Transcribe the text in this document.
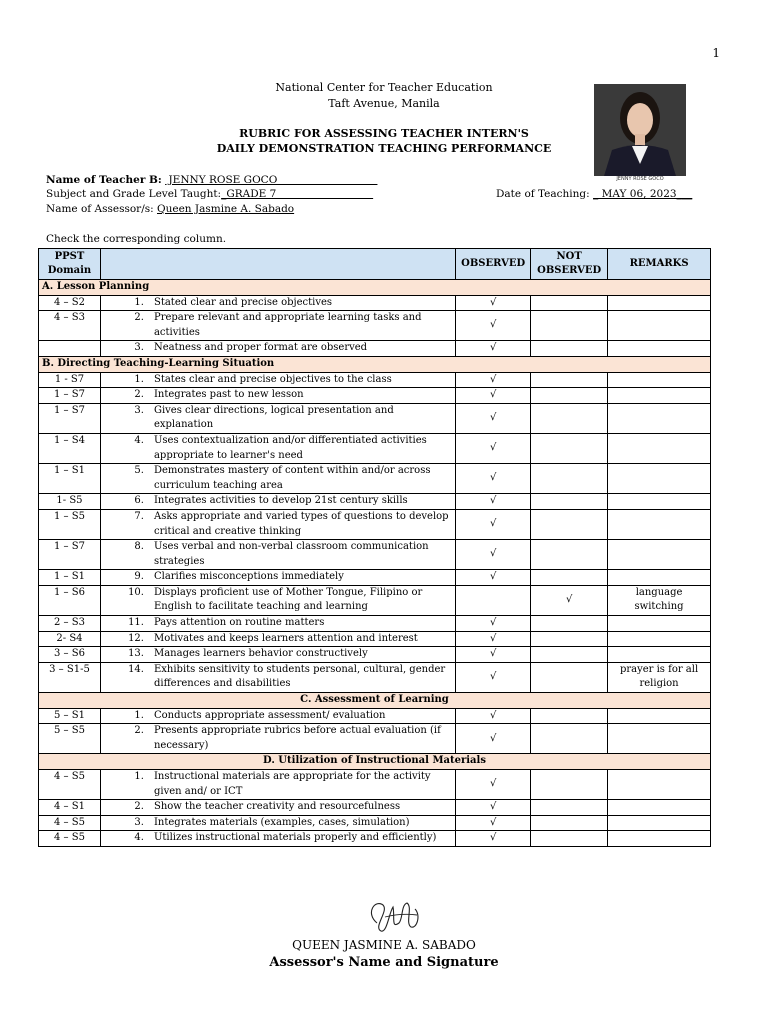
1
National Center for Teacher Education
Taft Avenue, Manila
RUBRIC FOR ASSESSING TEACHER INTERN'S
DAILY DEMONSTRATION TEACHING PERFORMANCE
JENNY ROSE GOCO
Name of Teacher B:  JENNY ROSE GOCO
Subject and Grade Level Taught:_GRADE 7	Date of Teaching: _ MAY 06, 2023___
Name of Assessor/s: Queen Jasmine A. Sabado
Check the corresponding column.
PPST Domain		OBSERVED	NOT OBSERVED	REMARKS
A. Lesson Planning				
4 – S2	1. Stated clear and precise objectives	√		
4 – S3	2. Prepare relevant and appropriate learning tasks and activities	√		

	3. Neatness and proper format are observed	√		
B. Directing Teaching-Learning Situation				
1 - S7	1. States clear and precise objectives to the class	√		
1 – S7	2. Integrates past to new lesson	√		
1 – S7	3. Gives clear directions, logical presentation and explanation	√		
1 – S4	4. Uses contextualization and/or differentiated activities appropriate to learner's need	√		
1 – S1	5. Demonstrates mastery of content within and/or across curriculum teaching area	√		
1- S5	6. Integrates activities to develop 21st century skills	√		
1 – S5	7. Asks appropriate and varied types of questions to develop critical and creative thinking	√		
1 – S7	8. Uses verbal and non-verbal classroom communication strategies	√		
1 – S1	9. Clarifies misconceptions immediately	√		
1 – S6	10. Displays proficient use of Mother Tongue, Filipino or English to facilitate teaching and learning		√	language switching
2 – S3	11. Pays attention on routine matters	√		
2- S4	12. Motivates and keeps learners attention and interest	√		
3 – S6	13. Manages learners behavior constructively	√		
3 – S1-5	14. Exhibits sensitivity to students personal, cultural, gender differences and disabilities	√		prayer is for all religion
C. Assessment of Learning				
5 – S1	1. Conducts appropriate assessment/ evaluation	√		
5 – S5	2. Presents appropriate rubrics before actual evaluation (if necessary)	√		
D. Utilization of Instructional Materials				
4 – S5	1. Instructional materials are appropriate for the activity given and/ or ICT	√		
4 – S1	2. Show the teacher creativity and resourcefulness	√		
4 – S5	3. Integrates materials (examples, cases, simulation)	√		
4 – S5	4. Utilizes instructional materials properly and efficiently)	√		
QUEEN JASMINE A. SABADO
Assessor's Name and Signature
